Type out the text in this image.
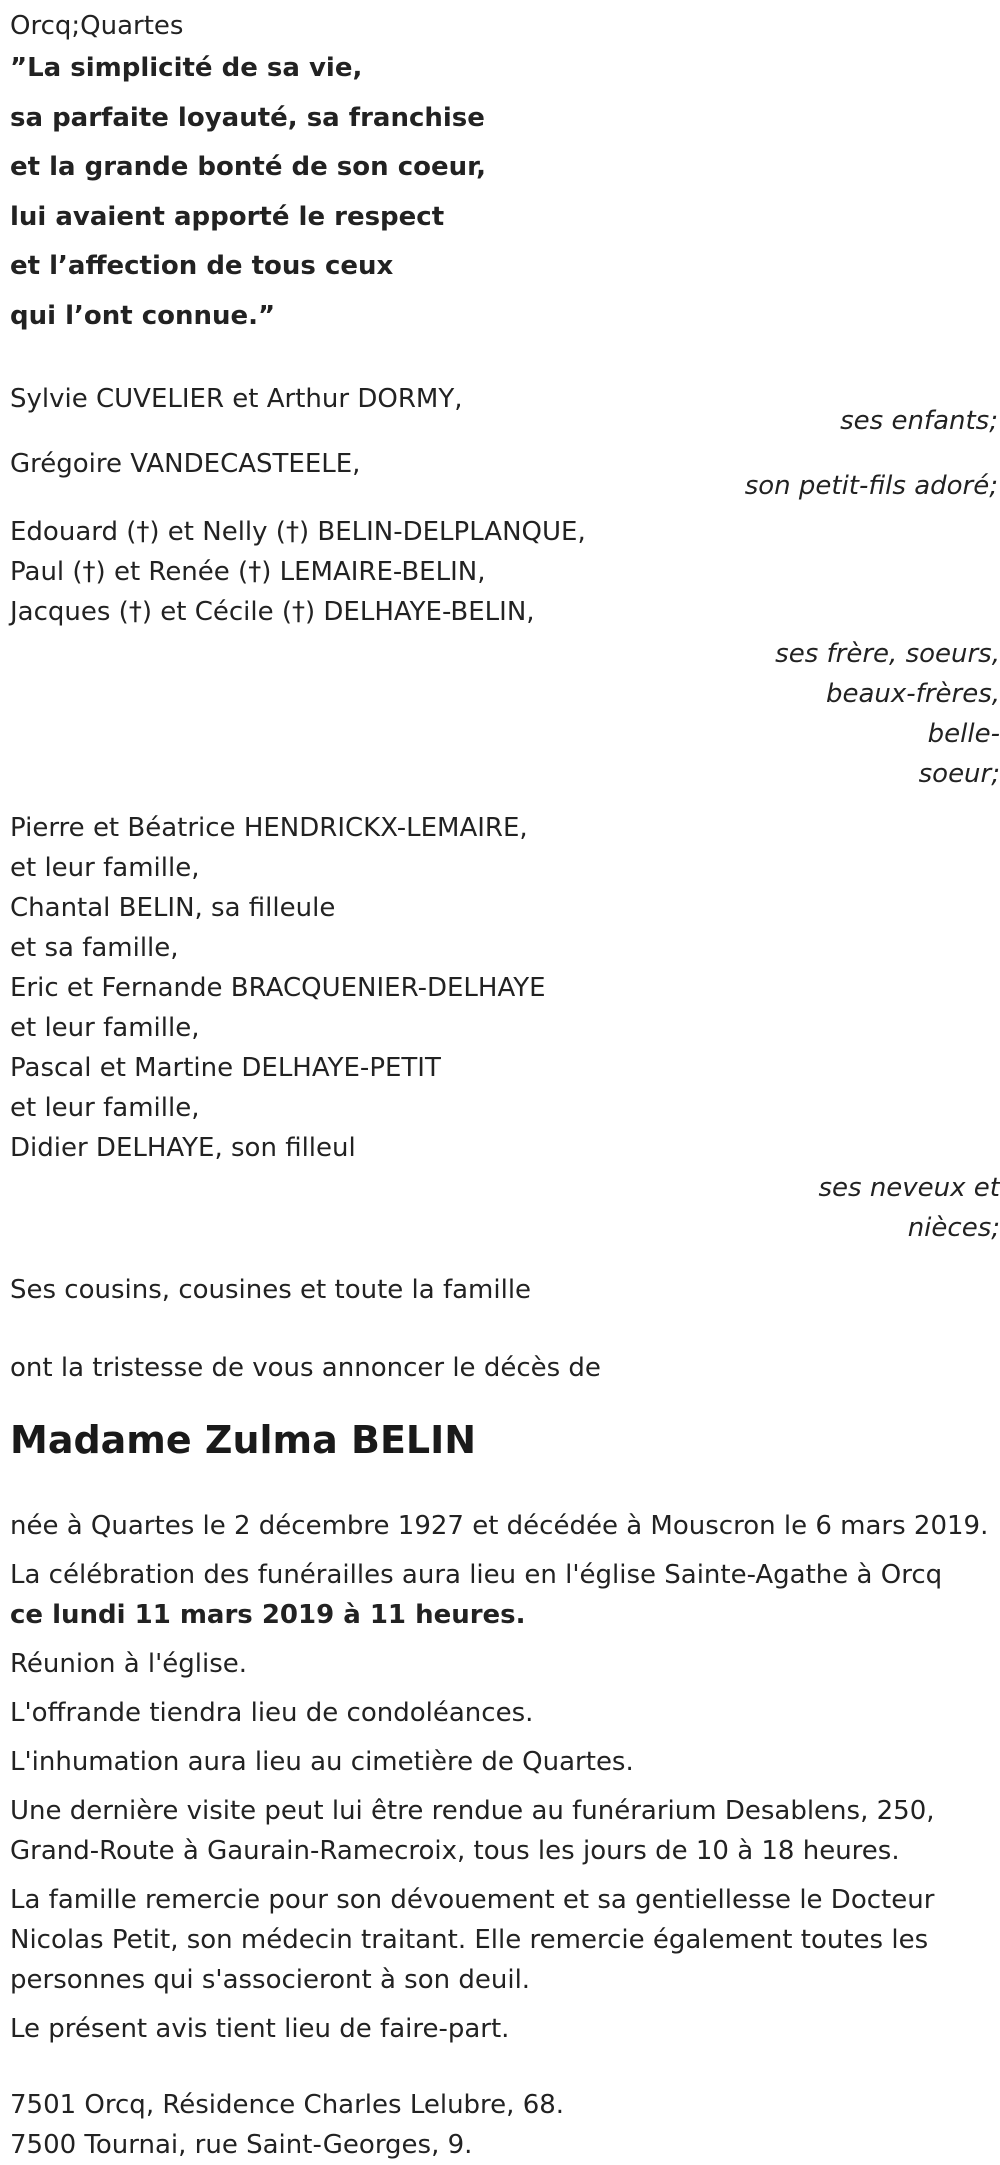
Orcq;Quartes

”La simplicité de sa vie,

sa parfaite loyauté, sa franchise

et la grande bonté de son coeur,

lui avaient apporté le respect

et l’affection de tous ceux

qui l’ont connue.”

Sylvie CUVELIER et Arthur DORMY,

ses enfants;

Grégoire VANDECASTEELE,

son petit-fils adoré;

Edouard (†) et Nelly (†) BELIN-DELPLANQUE,

Paul (†) et Renée (†) LEMAIRE-BELIN,

Jacques (†) et Cécile (†) DELHAYE-BELIN,

ses frère, soeurs,
beaux-frères, belle-
soeur;

Pierre et Béatrice HENDRICKX-LEMAIRE,

et leur famille,

Chantal BELIN, sa filleule

et sa famille,

Eric et Fernande BRACQUENIER-DELHAYE

et leur famille,

Pascal et Martine DELHAYE-PETIT

et leur famille,

Didier DELHAYE, son filleul

ses neveux et
nièces;
Ses cousins, cousines et toute la famille

ont la tristesse de vous annoncer le décès de

Madame Zulma BELIN

née à Quartes le 2 décembre 1927 et décédée à Mouscron le 6 mars 2019.

La célébration des funérailles aura lieu en l'église Sainte-Agathe à Orcq
ce lundi 11 mars 2019 à 11 heures.

Réunion à l'église.

L'offrande tiendra lieu de condoléances.

L'inhumation aura lieu au cimetière de Quartes.

Une dernière visite peut lui être rendue au funérarium Desablens, 250, Grand-Route à Gaurain-Ramecroix, tous les jours de 10 à 18 heures.

La famille remercie pour son dévouement et sa gentiellesse le Docteur Nicolas Petit, son médecin traitant. Elle remercie également toutes les personnes qui s'associeront à son deuil.

Le présent avis tient lieu de faire-part.

7501 Orcq, Résidence Charles Lelubre, 68.

7500 Tournai, rue Saint-Georges, 9.
